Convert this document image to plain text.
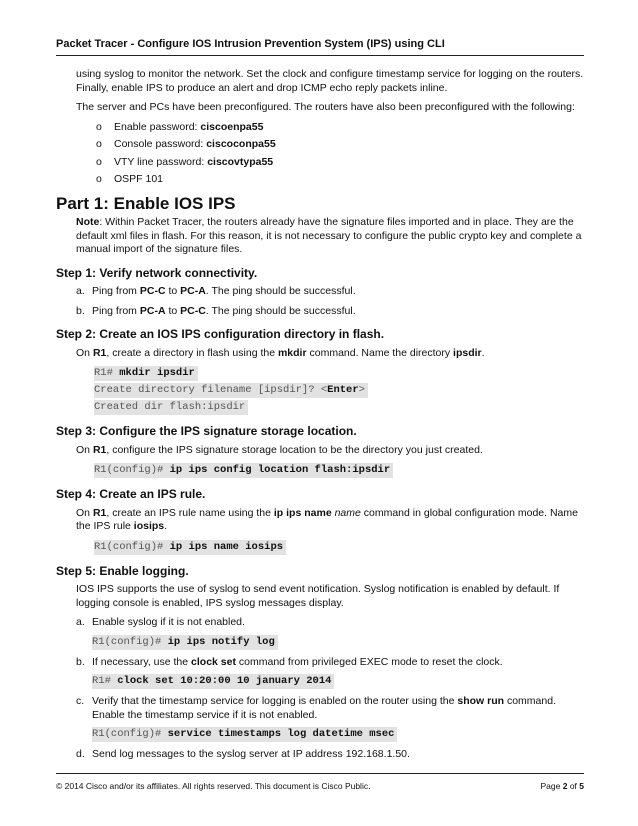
Packet Tracer - Configure IOS Intrusion Prevention System (IPS) using CLI

using syslog to monitor the network. Set the clock and configure timestamp service for logging on the routers. Finally, enable IPS to produce an alert and drop ICMP echo reply packets inline.

The server and PCs have been preconfigured. The routers have also been preconfigured with the following:

o Enable password: ciscoenpa55
o Console password: ciscoconpa55
o VTY line password: ciscovtypa55
o OSPF 101
Part 1: Enable IOS IPS

Note: Within Packet Tracer, the routers already have the signature files imported and in place. They are the default xml files in flash. For this reason, it is not necessary to configure the public crypto key and complete a manual import of the signature files.

Step 1: Verify network connectivity.
a. Ping from PC-C to PC-A. The ping should be successful.
b. Ping from PC-A to PC-C. The ping should be successful.
Step 2: Create an IOS IPS configuration directory in flash.

On R1, create a directory in flash using the mkdir command. Name the directory ipsdir.

R1# mkdir ipsdir
Create directory filename [ipsdir]? <Enter>
Created dir flash:ipsdir
Step 3: Configure the IPS signature storage location.

On R1, configure the IPS signature storage location to be the directory you just created.

R1(config)# ip ips config location flash:ipsdir
Step 4: Create an IPS rule.

On R1, create an IPS rule name using the ip ips name name command in global configuration mode. Name the IPS rule iosips.

R1(config)# ip ips name iosips
Step 5: Enable logging.

IOS IPS supports the use of syslog to send event notification. Syslog notification is enabled by default. If logging console is enabled, IPS syslog messages display.

a. Enable syslog if it is not enabled.
R1(config)# ip ips notify log
b. If necessary, use the clock set command from privileged EXEC mode to reset the clock.
R1# clock set 10:20:00 10 january 2014
c. Verify that the timestamp service for logging is enabled on the router using the show run command. Enable the timestamp service if it is not enabled.
R1(config)# service timestamps log datetime msec
d. Send log messages to the syslog server at IP address 192.168.1.50.
© 2014 Cisco and/or its affiliates. All rights reserved. This document is Cisco Public.	Page 2 of 5
